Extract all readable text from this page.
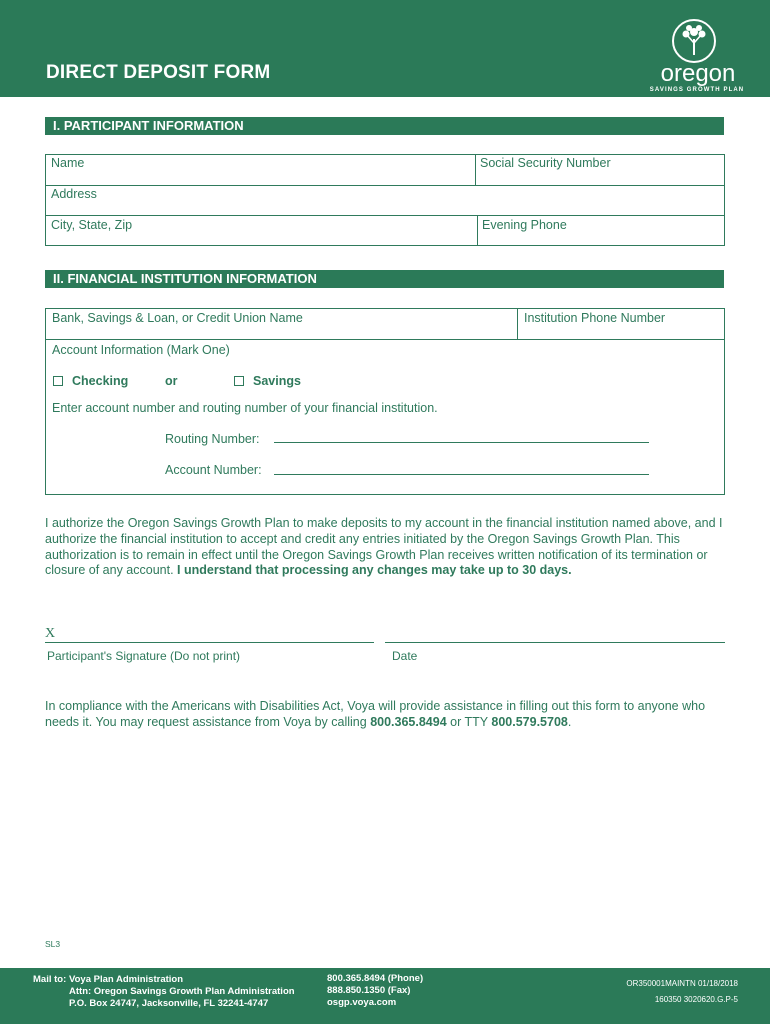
DIRECT DEPOSIT FORM	oregon
SAVINGS GROWTH PLAN
I. PARTICIPANT INFORMATION
Name	Social Security Number
Address
City, State, Zip	Evening Phone
II. FINANCIAL INSTITUTION INFORMATION
Bank, Savings & Loan, or Credit Union Name	Institution Phone Number
Account Information (Mark One)
Checking	or	Savings
Enter account number and routing number of your financial institution.
Routing Number:
Account Number:
I authorize the Oregon Savings Growth Plan to make deposits to my account in the financial institution named above, and I authorize the financial institution to accept and credit any entries initiated by the Oregon Savings Growth Plan. This authorization is to remain in effect until the Oregon Savings Growth Plan receives written notification of its termination or closure of any account. I understand that processing any changes may take up to 30 days.
X
Participant's Signature (Do not print)	Date
In compliance with the Americans with Disabilities Act, Voya will provide assistance in filling out this form to anyone who needs it. You may request assistance from Voya by calling 800.365.8494 or TTY 800.579.5708.
SL3
Mail to: Voya Plan Administration
Attn: Oregon Savings Growth Plan Administration
P.O. Box 24747, Jacksonville, FL 32241-4747
800.365.8494 (Phone)
888.850.1350 (Fax)
osgp.voya.com
OR350001MAINTN 01/18/2018
160350 3020620.G.P-5
